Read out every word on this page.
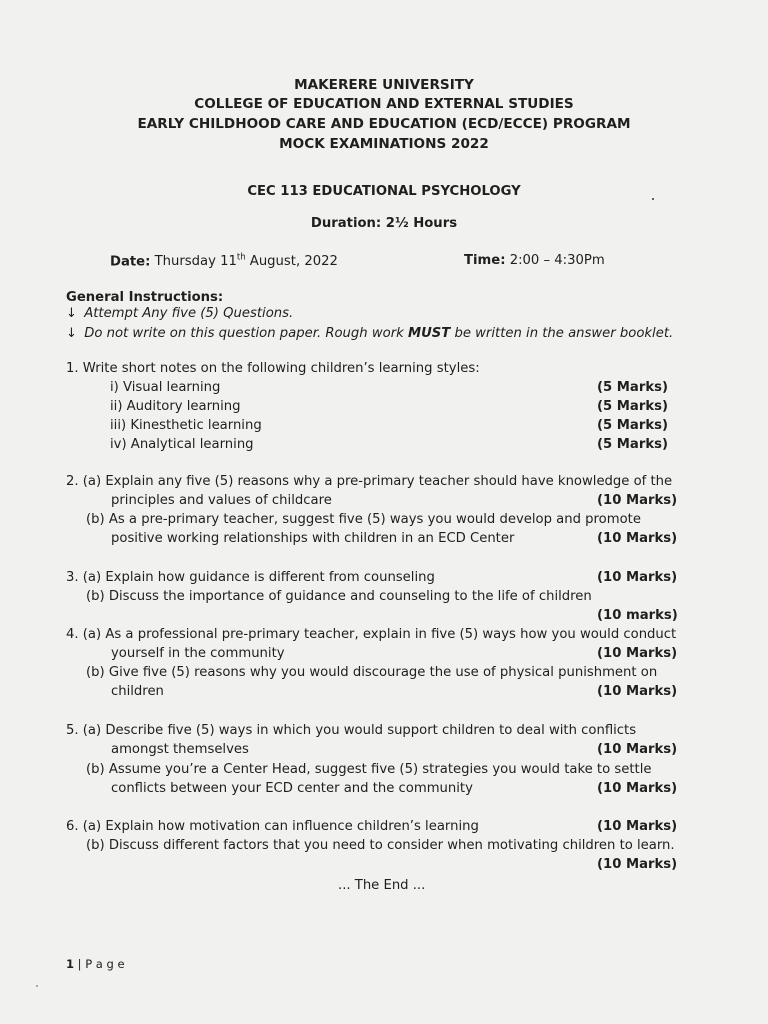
MAKERERE UNIVERSITY
COLLEGE OF EDUCATION AND EXTERNAL STUDIES
EARLY CHILDHOOD CARE AND EDUCATION (ECD/ECCE) PROGRAM
MOCK EXAMINATIONS 2022
CEC 113 EDUCATIONAL PSYCHOLOGY
Duration: 2½ Hours
Date: Thursday 11th August, 2022	Time: 2:00 – 4:30Pm
General Instructions:
↓ Attempt Any five (5) Questions.
↓ Do not write on this question paper. Rough work MUST be written in the answer booklet.
1. Write short notes on the following children’s learning styles:
i) Visual learning	(5 Marks)
ii) Auditory learning	(5 Marks)
iii) Kinesthetic learning	(5 Marks)
iv) Analytical learning	(5 Marks)
2. (a) Explain any five (5) reasons why a pre-primary teacher should have knowledge of the
principles and values of childcare	(10 Marks)
(b) As a pre-primary teacher, suggest five (5) ways you would develop and promote
positive working relationships with children in an ECD Center	(10 Marks)
3. (a) Explain how guidance is different from counseling	(10 Marks)
(b) Discuss the importance of guidance and counseling to the life of children
(10 marks)
4. (a) As a professional pre-primary teacher, explain in five (5) ways how you would conduct
yourself in the community	(10 Marks)
(b) Give five (5) reasons why you would discourage the use of physical punishment on
children	(10 Marks)
5. (a) Describe five (5) ways in which you would support children to deal with conflicts
amongst themselves	(10 Marks)
(b) Assume you’re a Center Head, suggest five (5) strategies you would take to settle
conflicts between your ECD center and the community	(10 Marks)
6. (a) Explain how motivation can influence children’s learning	(10 Marks)
(b) Discuss different factors that you need to consider when motivating children to learn.
(10 Marks)
... The End ...
1 | P a g e
